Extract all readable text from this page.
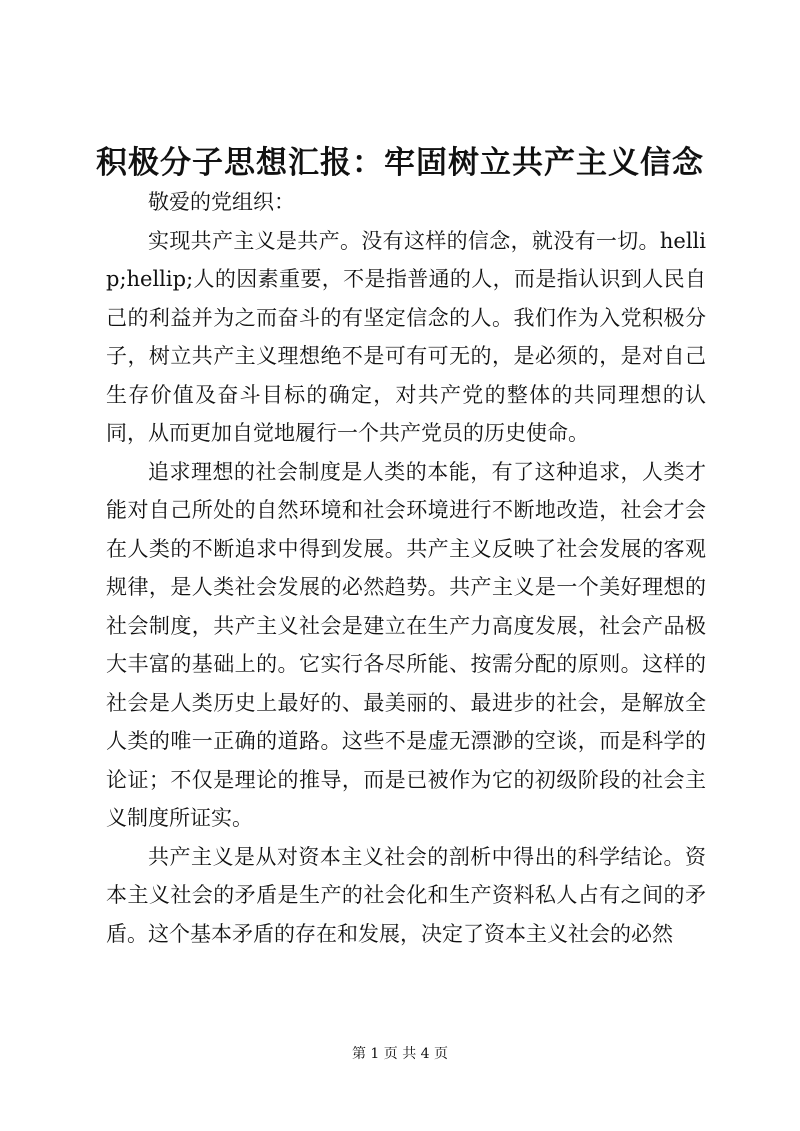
积极分子思想汇报：牢固树立共产主义信念

敬爱的党组织：

实现共产主义是共产。没有这样的信念，就没有一切。hellip;hellip;人的因素重要，不是指普通的人，而是指认识到人民自己的利益并为之而奋斗的有坚定信念的人。我们作为入党积极分子，树立共产主义理想绝不是可有可无的，是必须的，是对自己生存价值及奋斗目标的确定，对共产党的整体的共同理想的认同，从而更加自觉地履行一个共产党员的历史使命。

追求理想的社会制度是人类的本能，有了这种追求，人类才能对自己所处的自然环境和社会环境进行不断地改造，社会才会在人类的不断追求中得到发展。共产主义反映了社会发展的客观规律，是人类社会发展的必然趋势。共产主义是一个美好理想的社会制度，共产主义社会是建立在生产力高度发展，社会产品极大丰富的基础上的。它实行各尽所能、按需分配的原则。这样的社会是人类历史上最好的、最美丽的、最进步的社会，是解放全人类的唯一正确的道路。这些不是虚无漂渺的空谈，而是科学的论证；不仅是理论的推导，而是已被作为它的初级阶段的社会主义制度所证实。

共产主义是从对资本主义社会的剖析中得出的科学结论。资本主义社会的矛盾是生产的社会化和生产资料私人占有之间的矛盾。这个基本矛盾的存在和发展，决定了资本主义社会的必然

第 1 页 共 4 页
